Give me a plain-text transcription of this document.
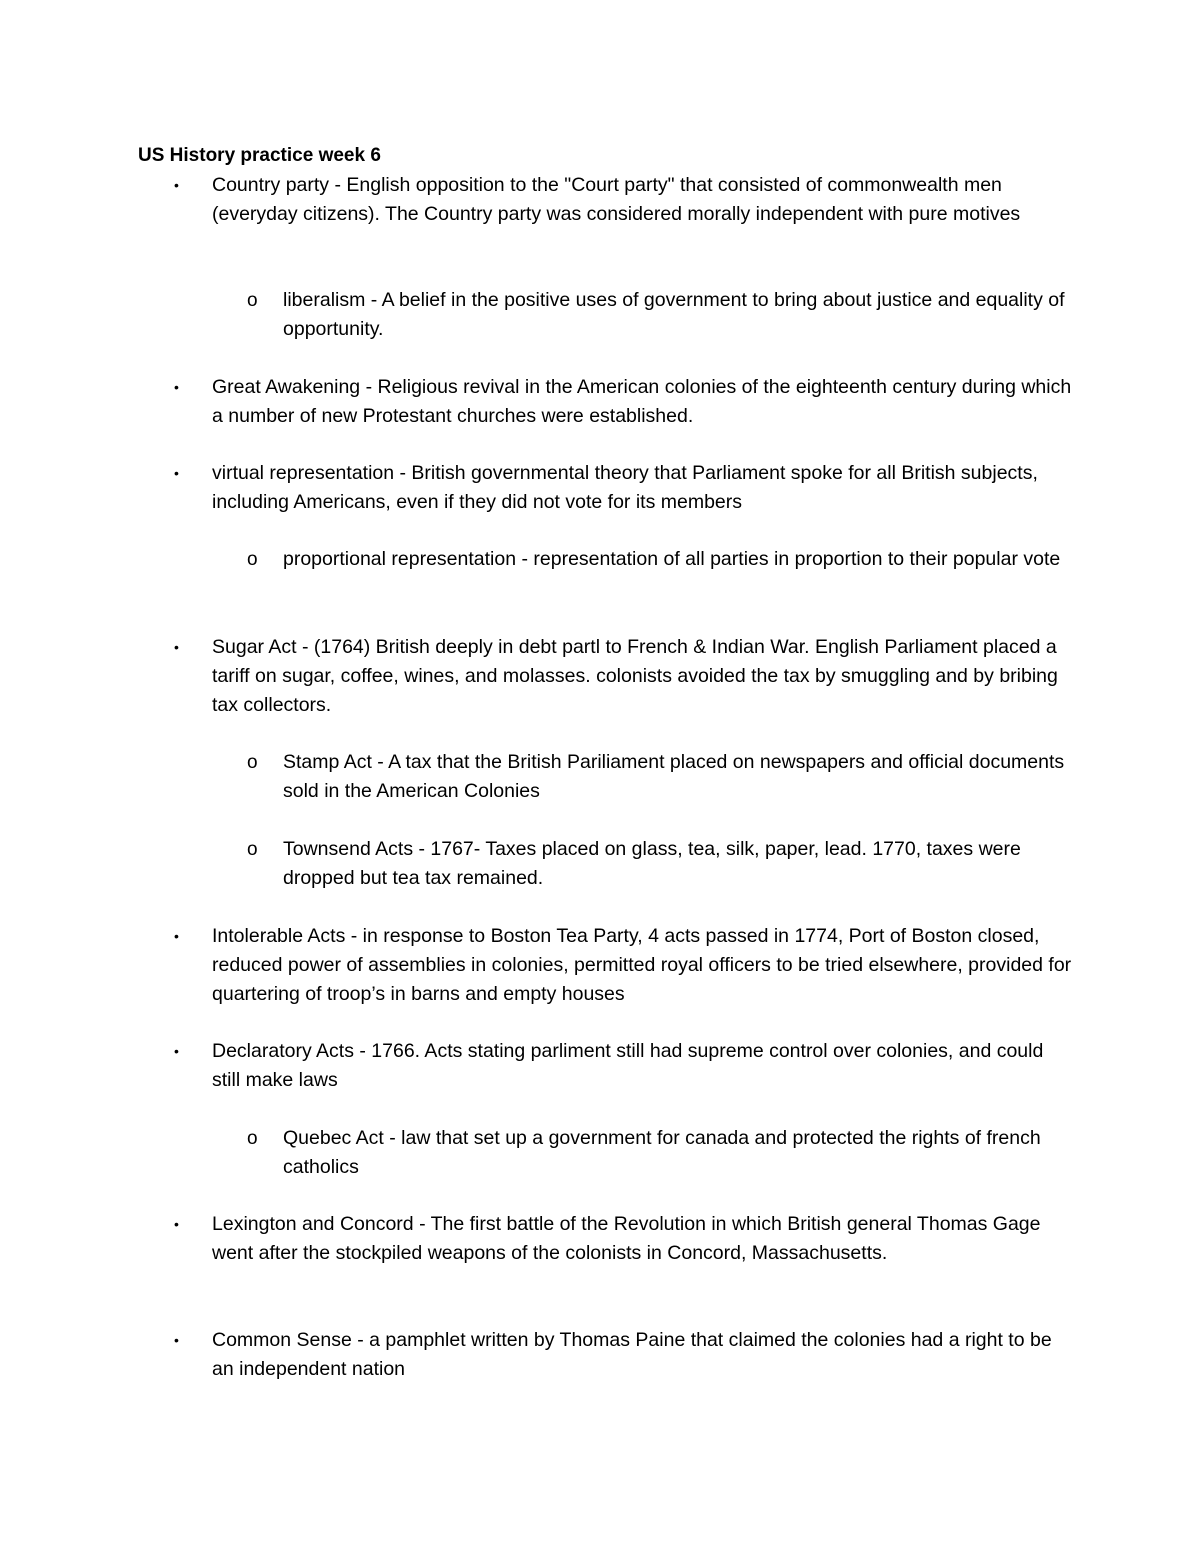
US History practice week 6
• Country party - English opposition to the "Court party" that consisted of commonwealth men (everyday citizens). The Country party was considered morally independent with pure motives
o liberalism - A belief in the positive uses of government to bring about justice and equality of opportunity.
• Great Awakening - Religious revival in the American colonies of the eighteenth century during which a number of new Protestant churches were established.
• virtual representation - British governmental theory that Parliament spoke for all British subjects, including Americans, even if they did not vote for its members
o proportional representation - representation of all parties in proportion to their popular vote
• Sugar Act - (1764) British deeply in debt partl to French & Indian War. English Parliament placed a tariff on sugar, coffee, wines, and molasses. colonists avoided the tax by smuggling and by bribing tax collectors.
o Stamp Act - A tax that the British Pariliament placed on newspapers and official documents sold in the American Colonies
o Townsend Acts - 1767- Taxes placed on glass, tea, silk, paper, lead. 1770, taxes were dropped but tea tax remained.
• Intolerable Acts - in response to Boston Tea Party, 4 acts passed in 1774, Port of Boston closed, reduced power of assemblies in colonies, permitted royal officers to be tried elsewhere, provided for quartering of troop’s in barns and empty houses
• Declaratory Acts - 1766. Acts stating parliment still had supreme control over colonies, and could still make laws
o Quebec Act - law that set up a government for canada and protected the rights of french catholics
• Lexington and Concord - The first battle of the Revolution in which British general Thomas Gage went after the stockpiled weapons of the colonists in Concord, Massachusetts.
• Common Sense - a pamphlet written by Thomas Paine that claimed the colonies had a right to be an independent nation
